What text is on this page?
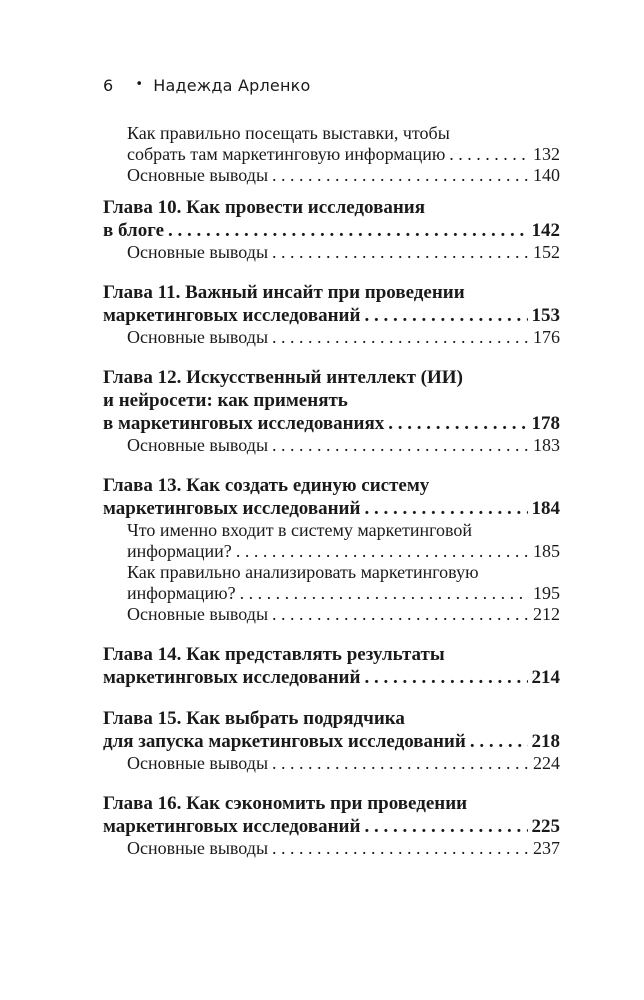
6 • Надежда Арленко
Как правильно посещать выставки, чтобы
собрать там маркетинговую информацию . . .	132
Основные выводы . . .	140
Глава 10. Как провести исследования
в блоге . . .	142
Основные выводы . . .	152
Глава 11. Важный инсайт при проведении
маркетинговых исследований . . .	153
Основные выводы . . .	176
Глава 12. Искусственный интеллект (ИИ)
и нейросети: как применять
в маркетинговых исследованиях . . .	178
Основные выводы . . .	183
Глава 13. Как создать единую систему
маркетинговых исследований . . .	184
Что именно входит в систему маркетинговой
информации? . . .	185
Как правильно анализировать маркетинговую
информацию? . . .	195
Основные выводы . . .	212
Глава 14. Как представлять результаты
маркетинговых исследований . . .	214
Глава 15. Как выбрать подрядчика
для запуска маркетинговых исследований . . .	218
Основные выводы . . .	224
Глава 16. Как сэкономить при проведении
маркетинговых исследований . . .	225
Основные выводы . . .	237
